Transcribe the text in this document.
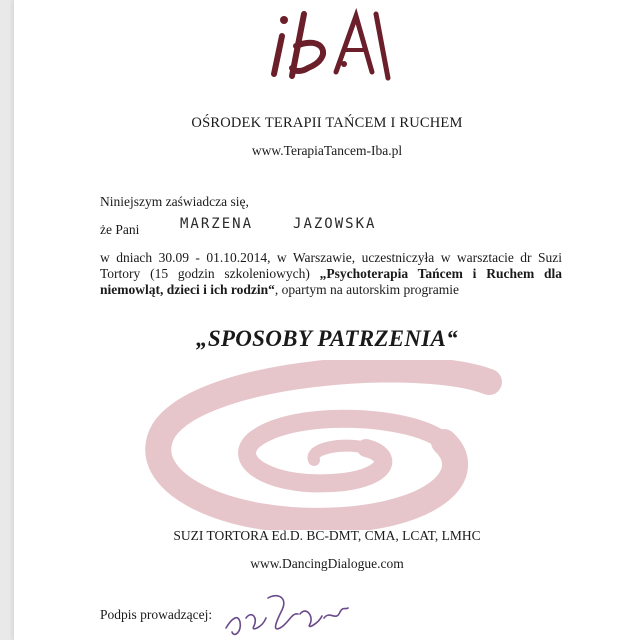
OŚRODEK TERAPII TAŃCEM I RUCHEM
www.TerapiaTancem-Iba.pl
Niniejszym zaświadcza się,
że Pani	MARZENA	JAZOWSKA
w dniach 30.09 - 01.10.2014, w Warszawie, uczestniczyła w warsztacie dr Suzi Tortory (15 godzin szkoleniowych) „Psychoterapia Tańcem i Ruchem dla niemowląt, dzieci i ich rodzin“, opartym na autorskim programie
„SPOSOBY PATRZENIA“
SUZI TORTORA Ed.D. BC-DMT, CMA, LCAT, LMHC
www.DancingDialogue.com
Podpis prowadzącej:
